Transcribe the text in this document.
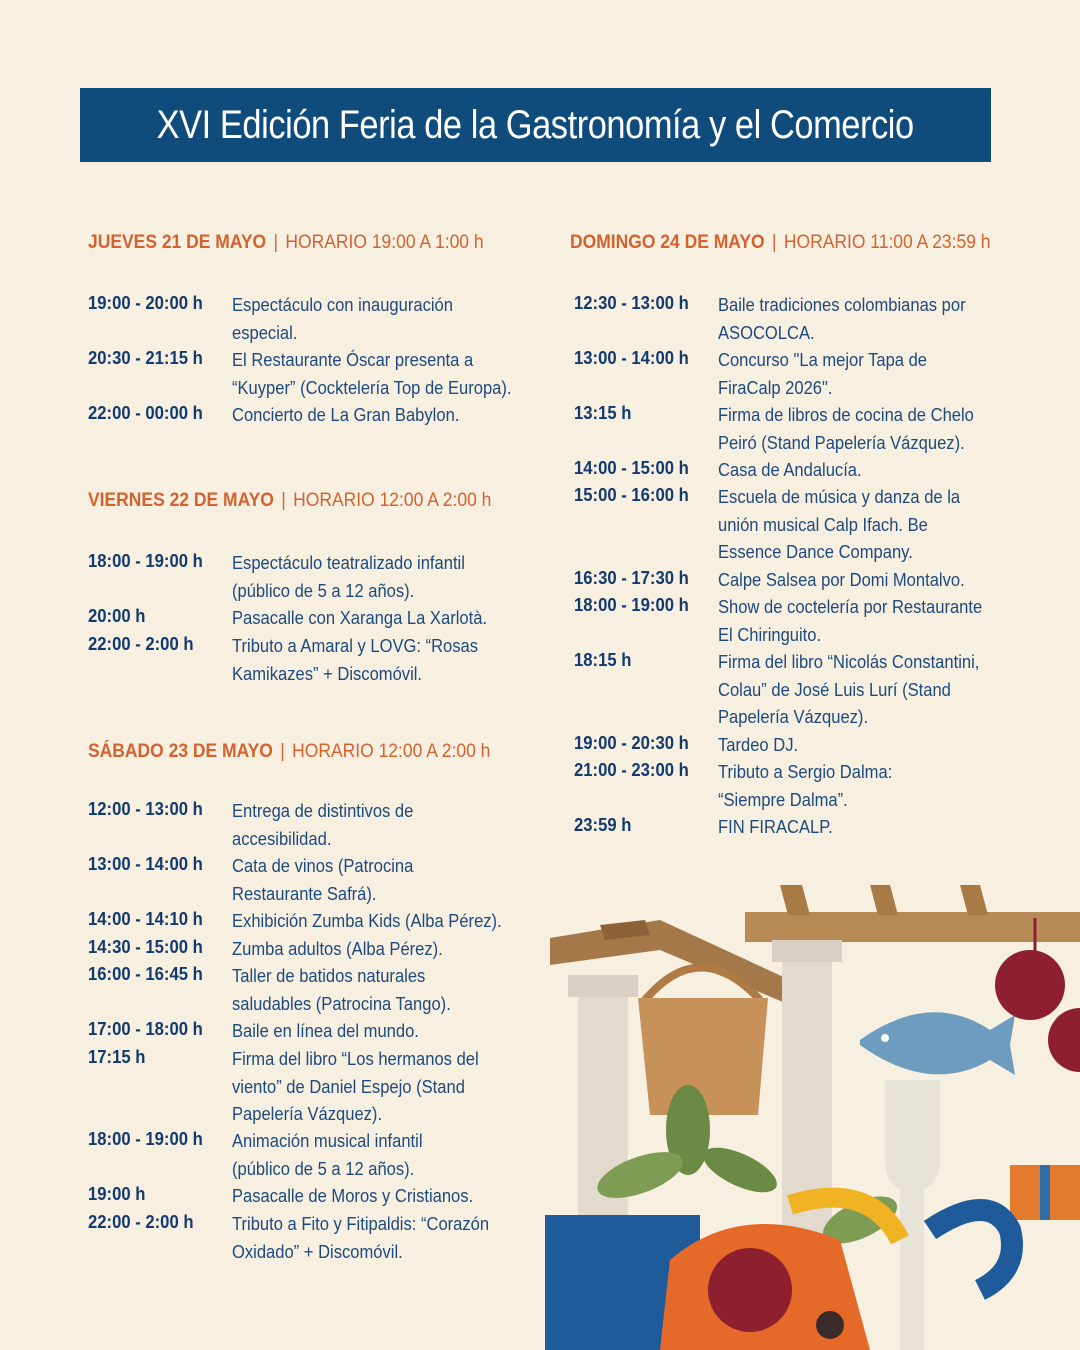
XVI Edición Feria de la Gastronomía y el Comercio
JUEVES 21 DE MAYO | HORARIO 19:00 A 1:00 h
VIERNES 22 DE MAYO | HORARIO 12:00 A 2:00 h
SÁBADO 23 DE MAYO | HORARIO 12:00 A 2:00 h
DOMINGO 24 DE MAYO | HORARIO 11:00 A 23:59 h
19:00 - 20:00 h Espectáculo con inauguración
especial.
20:30 - 21:15 h El Restaurante Óscar presenta a
“Kuyper” (Cocktelería Top de Europa).
22:00 - 00:00 h Concierto de La Gran Babylon.
18:00 - 19:00 h Espectáculo teatralizado infantil
(público de 5 a 12 años).
20:00 h	Pasacalle con Xaranga La Xarlotà.
22:00 - 2:00 h Tributo a Amaral y LOVG: “Rosas
Kamikazes” + Discomóvil.
12:00 - 13:00 h Entrega de distintivos de
accesibilidad.
13:00 - 14:00 h Cata de vinos (Patrocina
Restaurante Safrá).
14:00 - 14:10 h Exhibición Zumba Kids (Alba Pérez).
14:30 - 15:00 h Zumba adultos (Alba Pérez).
16:00 - 16:45 h Taller de batidos naturales
saludables (Patrocina Tango).
17:00 - 18:00 h Baile en línea del mundo.
17:15 h	Firma del libro “Los hermanos del
viento” de Daniel Espejo (Stand
Papelería Vázquez).
18:00 - 19:00 h Animación musical infantil
(público de 5 a 12 años).
19:00 h	Pasacalle de Moros y Cristianos.
22:00 - 2:00 h Tributo a Fito y Fitipaldis: “Corazón
Oxidado” + Discomóvil.
12:30 - 13:00 h Baile tradiciones colombianas por
ASOCOLCA.
13:00 - 14:00 h Concurso "La mejor Tapa de
FiraCalp 2026".
13:15 h	Firma de libros de cocina de Chelo
Peiró (Stand Papelería Vázquez).
14:00 - 15:00 h Casa de Andalucía.
15:00 - 16:00 h Escuela de música y danza de la
unión musical Calp Ifach. Be
Essence Dance Company.
16:30 - 17:30 h Calpe Salsea por Domi Montalvo.
18:00 - 19:00 h Show de coctelería por Restaurante
El Chiringuito.
18:15 h	Firma del libro “Nicolás Constantini,
Colau” de José Luis Lurí (Stand
Papelería Vázquez).
19:00 - 20:30 h Tardeo DJ.
21:00 - 23:00 h Tributo a Sergio Dalma:
“Siempre Dalma”.
23:59 h	FIN FIRACALP.
